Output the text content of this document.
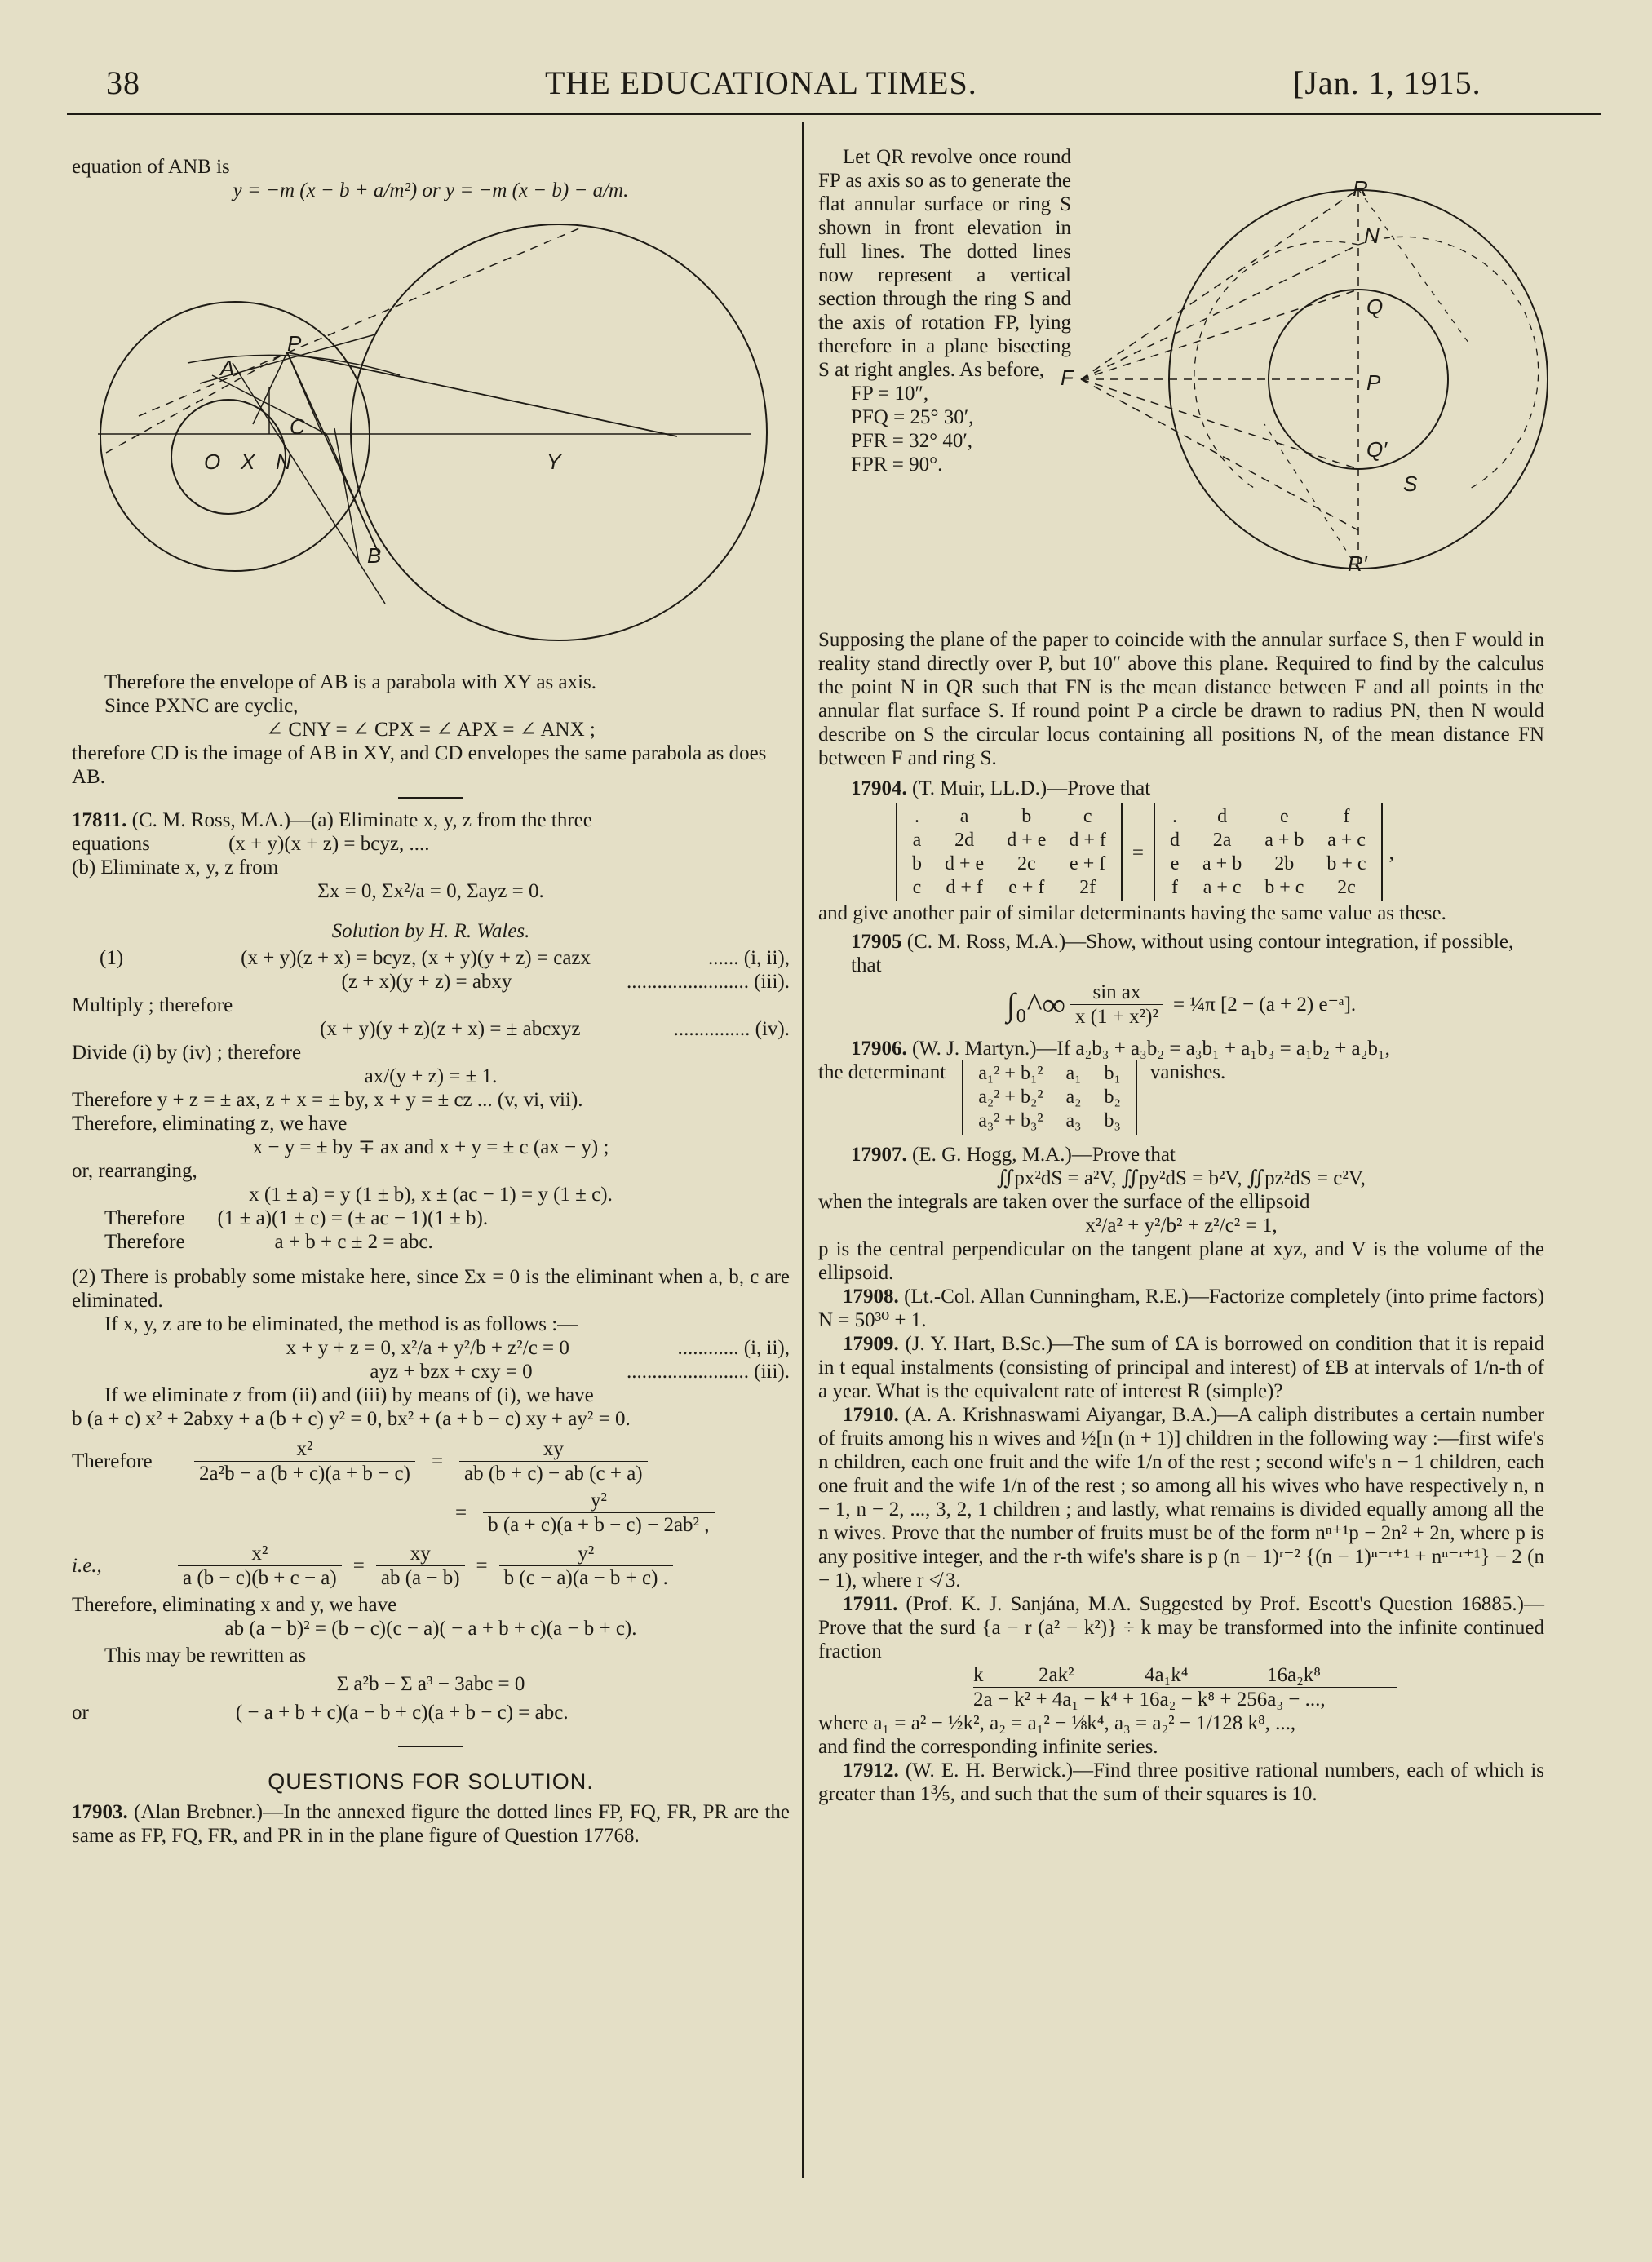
38	THE EDUCATIONAL TIMES.	[Jan. 1, 1915.

equation of ANB is

y = −m (x − b + a/m²) or y = −m (x − b) − a/m.

A
P
C
O X N	Y
B

Therefore the envelope of AB is a parabola with XY as axis.

Since PXNC are cyclic,

∠ CNY = ∠ CPX = ∠ APX = ∠ ANX ;

therefore CD is the image of AB in XY, and CD envelopes the same parabola as does AB.

17811. (C. M. Ross, M.A.)—(a) Eliminate x, y, z from the three

equations	(x + y)(x + z) = bcyz, ....

(b) Eliminate x, y, z from

Σx = 0, Σx²/a = 0, Σayz = 0.

Solution by H. R. Wales.

(1)	(x + y)(z + x) = bcyz, (x + y)(y + z) = cazx	...... (i, ii),
(z + x)(y + z) = abxy	........................ (iii).

Multiply ; therefore

(x + y)(y + z)(z + x) = ± abcxyz	............... (iv).

Divide (i) by (iv) ; therefore

ax/(y + z) = ± 1.

Therefore y + z = ± ax, z + x = ± by, x + y = ± cz ... (v, vi, vii).

Therefore, eliminating z, we have

x − y = ± by ∓ ax and x + y = ± c (ax − y) ;

or, rearranging,

x (1 ± a) = y (1 ± b), x ± (ac − 1) = y (1 ± c).

Therefore (1 ± a)(1 ± c) = (± ac − 1)(1 ± b).

Therefore	a + b + c ± 2 = abc.

(2) There is probably some mistake here, since Σx = 0 is the eliminant when a, b, c are eliminated.

If x, y, z are to be eliminated, the method is as follows :—

x + y + z = 0, x²/a + y²/b + z²/c = 0	............ (i, ii),
ayz + bzx + cxy = 0	........................ (iii).

If we eliminate z from (ii) and (iii) by means of (i), we have

b (a + c) x² + 2abxy + a (b + c) y² = 0, bx² + (a + b − c) xy + ay² = 0.

Therefore	$\frac{\text{x²}}{\text{2a²b − a (b + c)(a + b − c)}} = \frac{xy}{ab (b + c) - ab (c + a)}$
= $\frac{\text{y²}}{\text{b (a + c)(a + b − c) − 2ab² ,}}$
i.e.,	$\frac{\text{x²}}{a (b - c)(b + c - a)} = \frac{xy}{ab (a - b)} = \frac{\text{y²}}{b (c - a)(a - b + c) .}$

Therefore, eliminating x and y, we have

ab (a − b)² = (b − c)(c − a)( − a + b + c)(a − b + c).

This may be rewritten as

Σ a²b − Σ a³ − 3abc = 0

or	( − a + b + c)(a − b + c)(a + b − c) = abc.

QUESTIONS FOR SOLUTION.

17903. (Alan Brebner.)—In the annexed figure the dotted lines FP, FQ, FR, PR are the same as FP, FQ, FR, and PR in in the plane figure of Question 17768.

Let QR revolve once round FP as axis so as to generate the flat annular surface or ring S shown in front elevation in full lines. The dotted lines now represent a vertical section through the ring S and the axis of rotation FP, lying therefore in a plane bisecting S at right angles. As before,

FP = 10″,

PFQ = 25° 30′,

PFR = 32° 40′,

FPR = 90°.

R
N
Q
F	P
Q′
S
R′

Supposing the plane of the paper to coincide with the annular surface S, then F would in reality stand directly over P, but 10″ above this plane. Required to find by the calculus the point N in QR such that FN is the mean distance between F and all points in the annular flat surface S. If round point P a circle be drawn to radius PN, then N would describe on S the circular locus containing all positions N, of the mean distance FN between F and ring S.

17904. (T. Muir, LL.D.)—Prove that

.	a	b	c
a	2d	d + e	d + f
b	d + e	2c	e + f
c	d + f	e + f	2f
=
.	d	e	f
d	2a	a + b	a + c
e	a + b	2b	b + c
f	a + c	b + c	2c
,

and give another pair of similar determinants having the same value as these.

17905 (C. M. Ross, M.A.)—Show, without using contour integration, if possible, that

∫₀^∞ $\frac{\text{sin ax}}{\text{x (1 + x²)²}}$ = ¼π [2 − (a + 2) e⁻ᵃ].

17906. (W. J. Martyn.)—If a₂b₃ + a₃b₂ = a₃b₁ + a₁b₃ = a₁b₂ + a₂b₁,

the determinant	a₁² + b₁²	a₁	b₁
a₂² + b₂²	a₂	b₂
a₃² + b₃²	a₃	b₃
vanishes.

17907. (E. G. Hogg, M.A.)—Prove that

∬px²dS = a²V, ∬py²dS = b²V, ∬pz²dS = c²V,

when the integrals are taken over the surface of the ellipsoid

x²/a² + y²/b² + z²/c² = 1,

p is the central perpendicular on the tangent plane at xyz, and V is the volume of the ellipsoid.

17908. (Lt.-Col. Allan Cunningham, R.E.)—Factorize completely (into prime factors) N = 50³⁰ + 1.

17909. (J. Y. Hart, B.Sc.)—The sum of £A is borrowed on condition that it is repaid in t equal instalments (consisting of principal and interest) of £B at intervals of 1/n-th of a year. What is the equivalent rate of interest R (simple)?

17910. (A. A. Krishnaswami Aiyangar, B.A.)—A caliph distributes a certain number of fruits among his n wives and ½[n (n + 1)] children in the following way :—first wife's n children, each one fruit and the wife 1/n of the rest ; second wife's n − 1 children, each one fruit and the wife 1/n of the rest ; so among all his wives who have respectively n, n − 1, n − 2, ..., 3, 2, 1 children ; and lastly, what remains is divided equally among all the n wives. Prove that the number of fruits must be of the form nⁿ⁺¹p − 2n² + 2n, where p is any positive integer, and the r-th wife's share is p (n − 1)ʳ⁻² {(n − 1)ⁿ⁻ʳ⁺¹ + nⁿ⁻ʳ⁺¹} − 2 (n − 1), where r ≮ 3.

17911. (Prof. K. J. Sanjána, M.A. Suggested by Prof. Escott's Question 16885.)—Prove that the surd {a − r (a² − k²)} ÷ k may be transformed into the infinite continued fraction

k	2ak²	4a₁k⁴	16a₂k⁸

2a − k² + 4a₁ − k⁴ + 16a₂ − k⁸ + 256a₃ − ...,

where a₁ = a² − ½k², a₂ = a₁² − ⅛k⁴, a₃ = a₂² − 1/128 k⁸, ...,

and find the corresponding infinite series.

17912. (W. E. H. Berwick.)—Find three positive rational numbers, each of which is greater than 1⅗, and such that the sum of their squares is 10.
